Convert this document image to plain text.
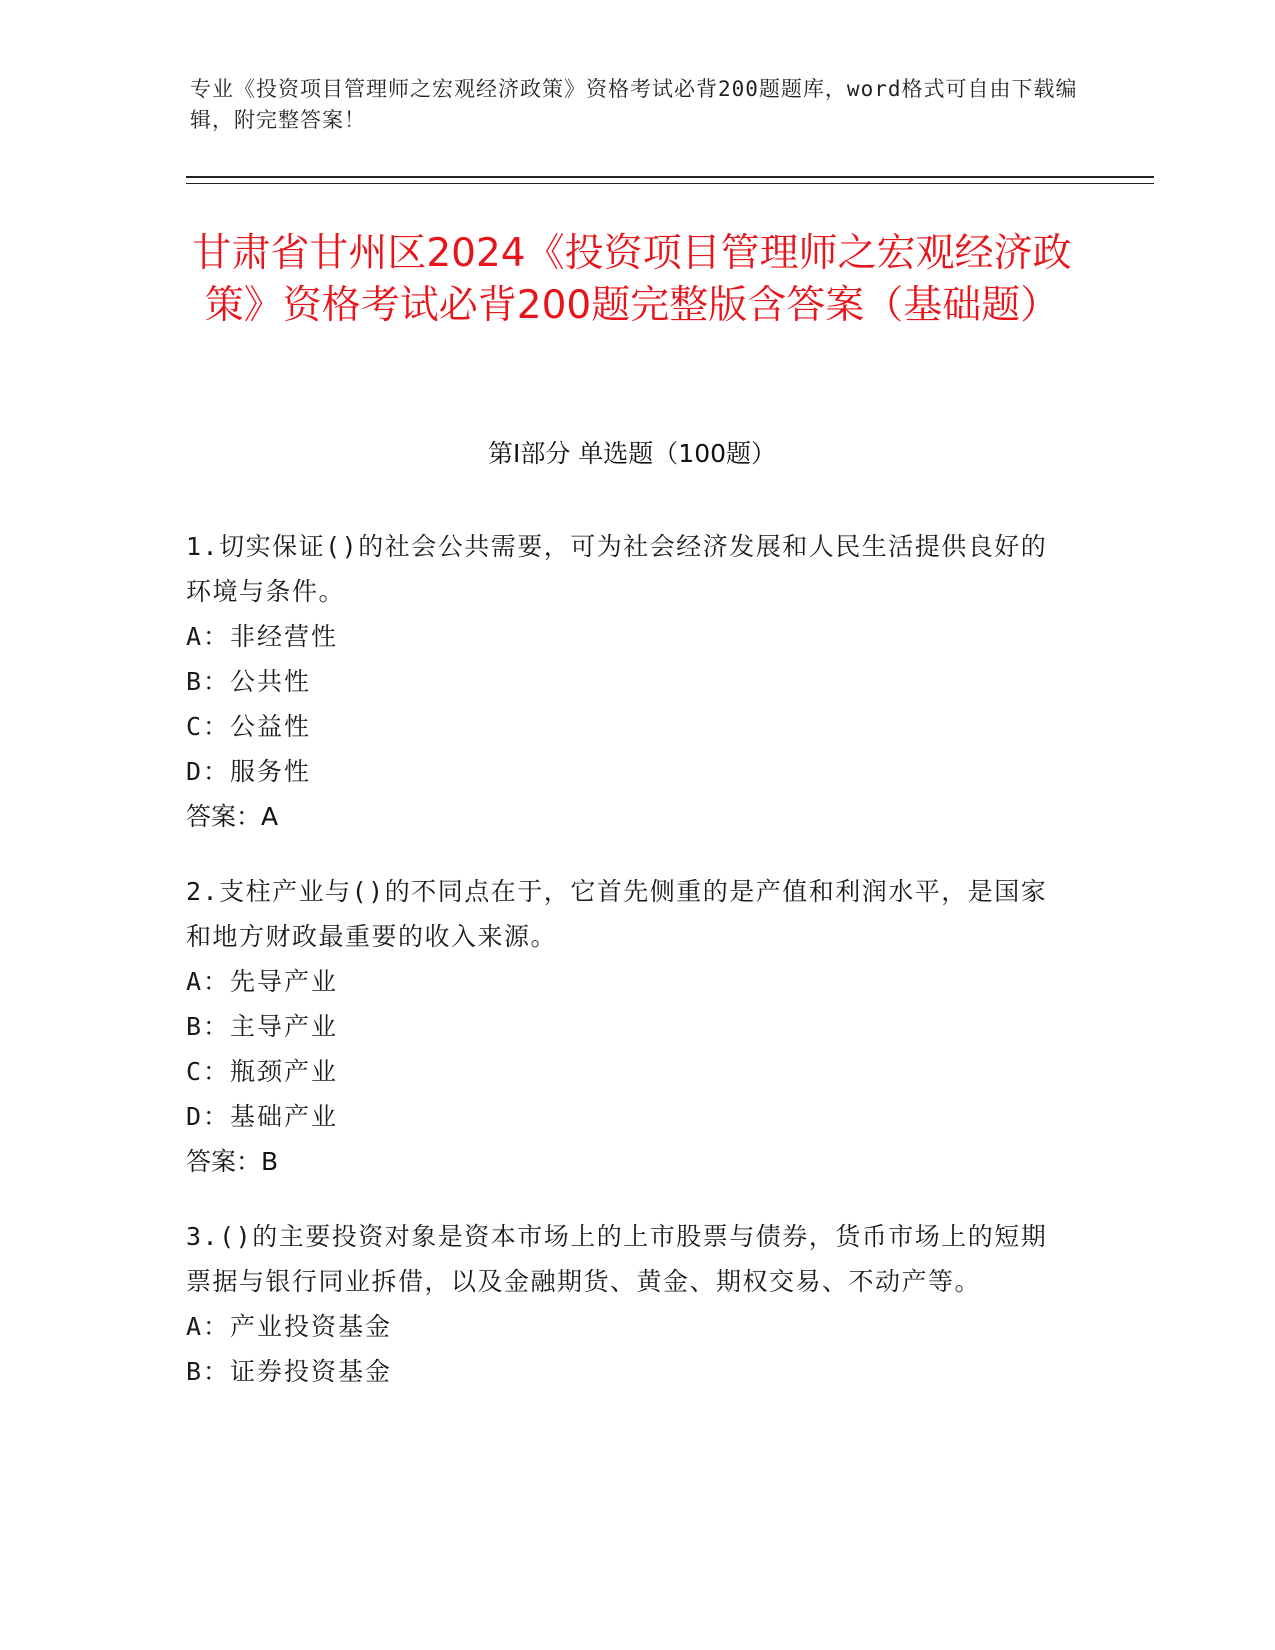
专业《投资项目管理师之宏观经济政策》资格考试必背200题题库，word格式可自由下载编辑，附完整答案！
甘肃省甘州区2024《投资项目管理师之宏观经济政策》资格考试必背200题完整版含答案（基础题）
第Ⅰ部分 单选题（100题）
1.切实保证()的社会公共需要，可为社会经济发展和人民生活提供良好的环境与条件。
A：非经营性
B：公共性
C：公益性
D：服务性
答案：A
2.支柱产业与()的不同点在于，它首先侧重的是产值和利润水平，是国家和地方财政最重要的收入来源。
A：先导产业
B：主导产业
C：瓶颈产业
D：基础产业
答案：B
3.()的主要投资对象是资本市场上的上市股票与债券，货币市场上的短期票据与银行同业拆借，以及金融期货、黄金、期权交易、不动产等。
A：产业投资基金
B：证券投资基金
